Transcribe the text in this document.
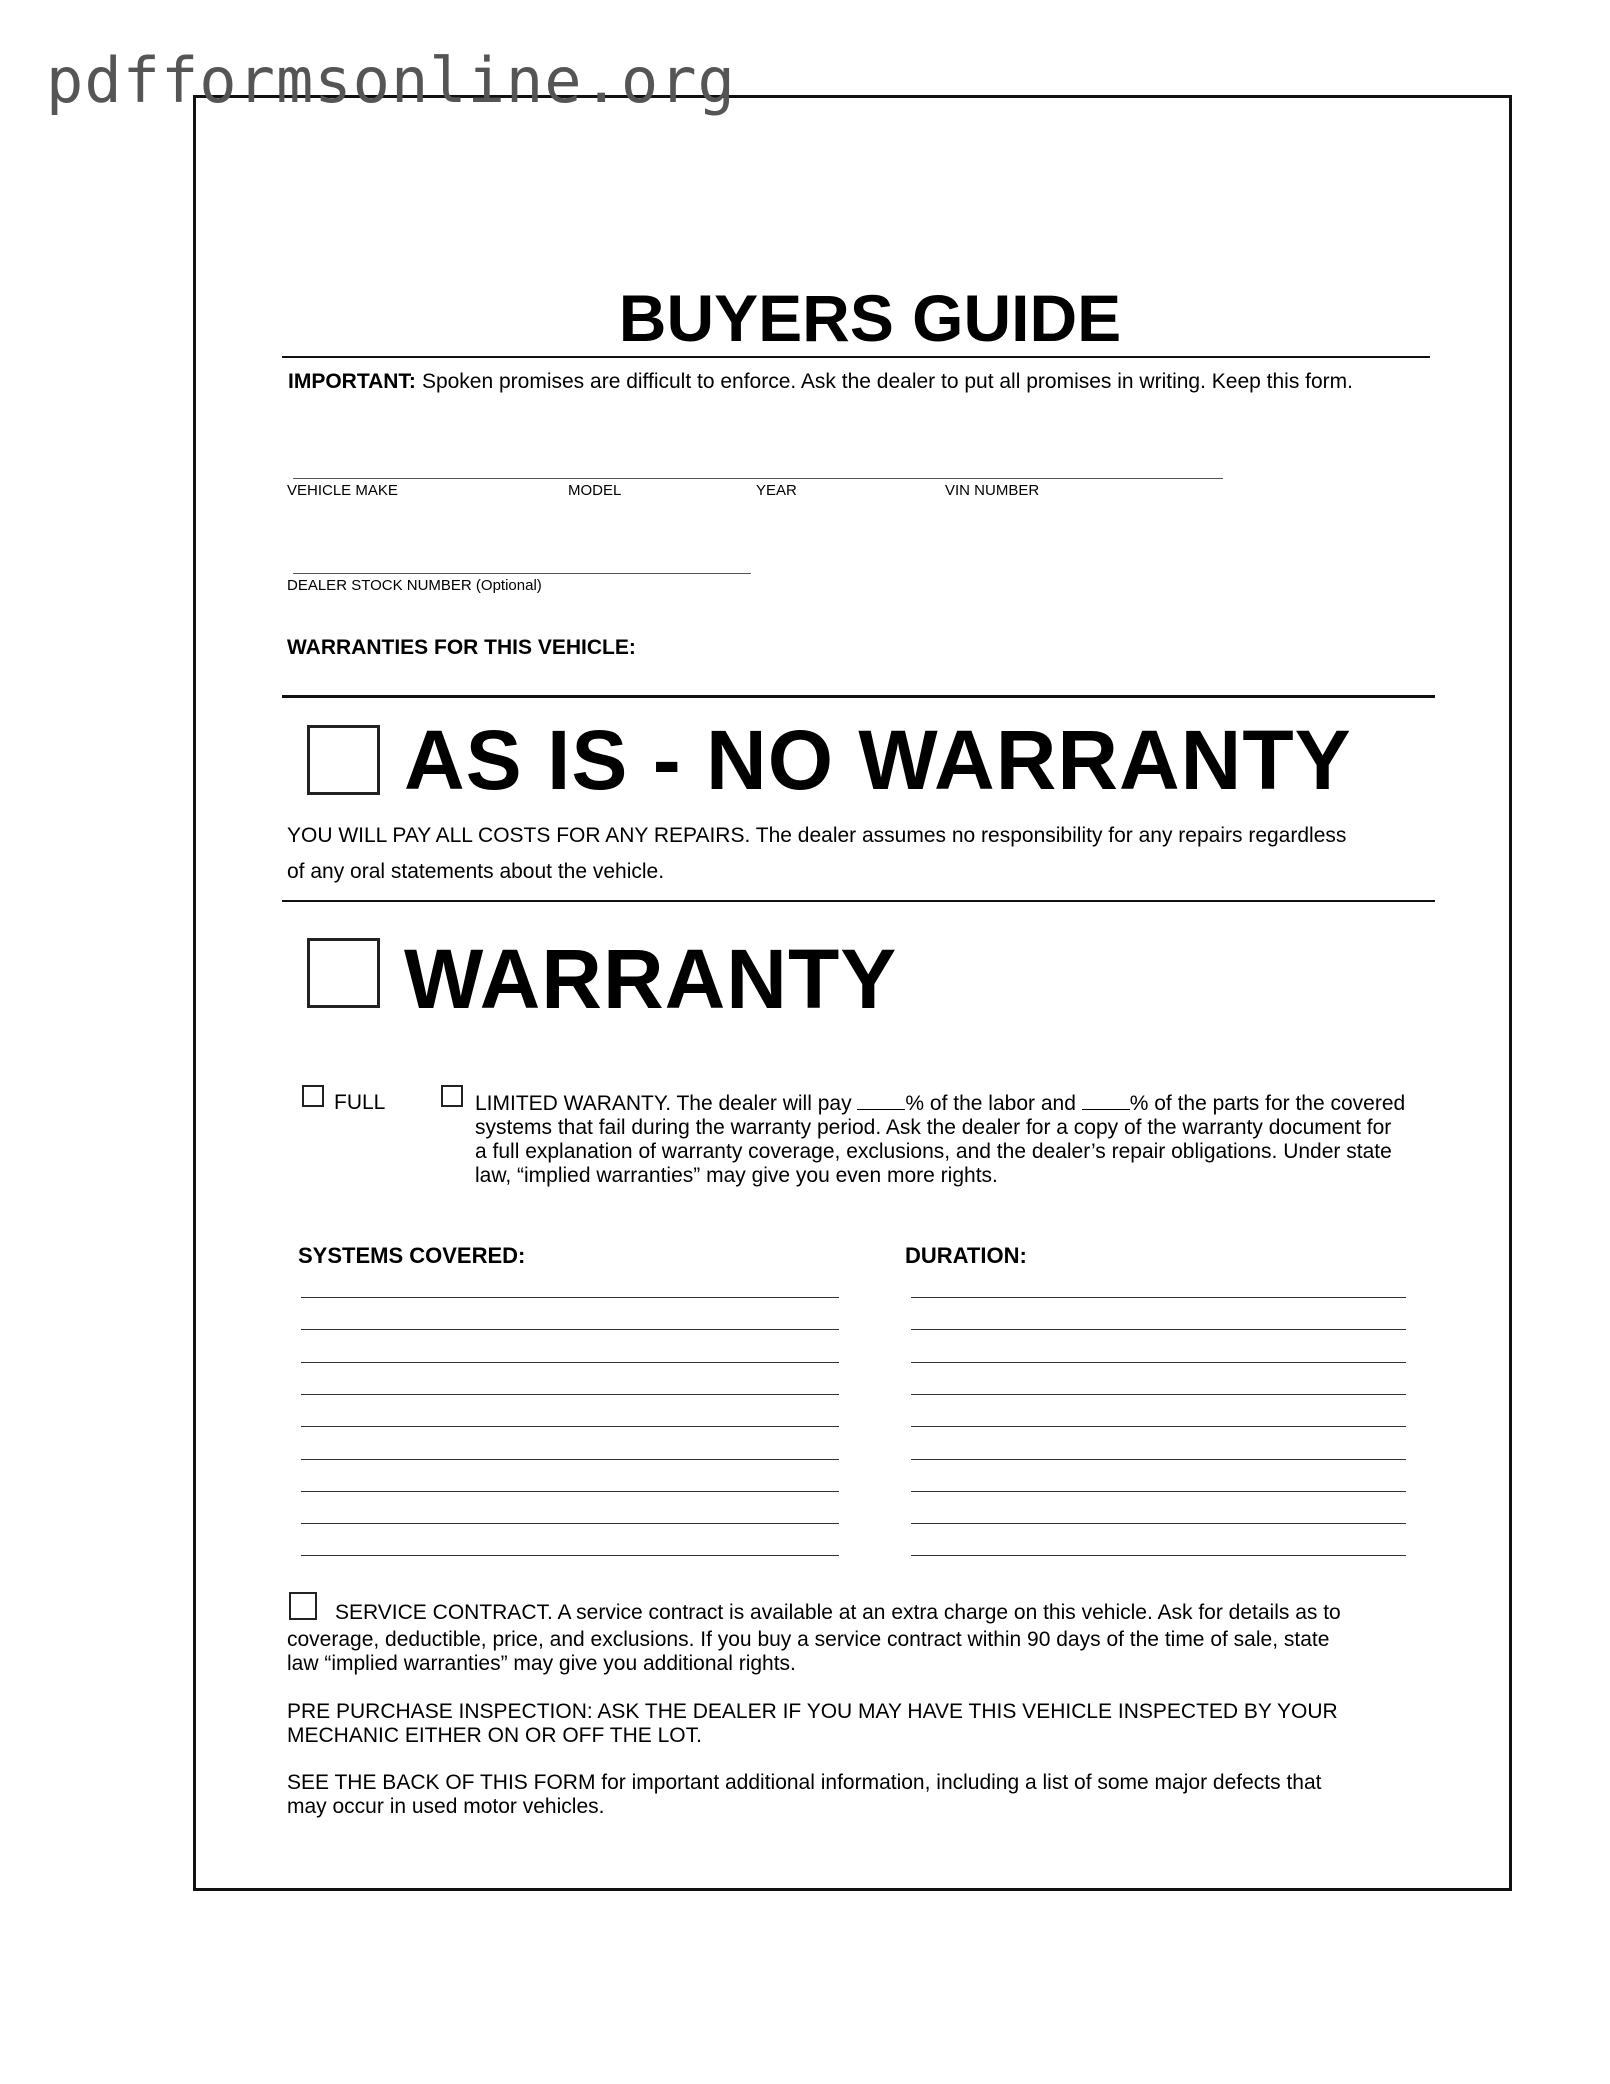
pdfformsonline.org
BUYERS GUIDE
IMPORTANT: Spoken promises are difficult to enforce. Ask the dealer to put all promises in writing. Keep this form.
VEHICLE MAKE	MODEL	YEAR	VIN NUMBER
DEALER STOCK NUMBER (Optional)
WARRANTIES FOR THIS VEHICLE:
AS IS - NO WARRANTY
YOU WILL PAY ALL COSTS FOR ANY REPAIRS. The dealer assumes no responsibility for any repairs regardless
of any oral statements about the vehicle.
WARRANTY
FULL	LIMITED WARANTY. The dealer will pay	% of the labor and	% of the parts for the covered
systems that fail during the warranty period. Ask the dealer for a copy of the warranty document for
a full explanation of warranty coverage, exclusions, and the dealer’s repair obligations. Under state
law, “implied warranties” may give you even more rights.
SYSTEMS COVERED:	DURATION:
SERVICE CONTRACT. A service contract is available at an extra charge on this vehicle. Ask for details as to
coverage, deductible, price, and exclusions. If you buy a service contract within 90 days of the time of sale, state
law “implied warranties” may give you additional rights.
PRE PURCHASE INSPECTION: ASK THE DEALER IF YOU MAY HAVE THIS VEHICLE INSPECTED BY YOUR
MECHANIC EITHER ON OR OFF THE LOT.
SEE THE BACK OF THIS FORM for important additional information, including a list of some major defects that
may occur in used motor vehicles.
